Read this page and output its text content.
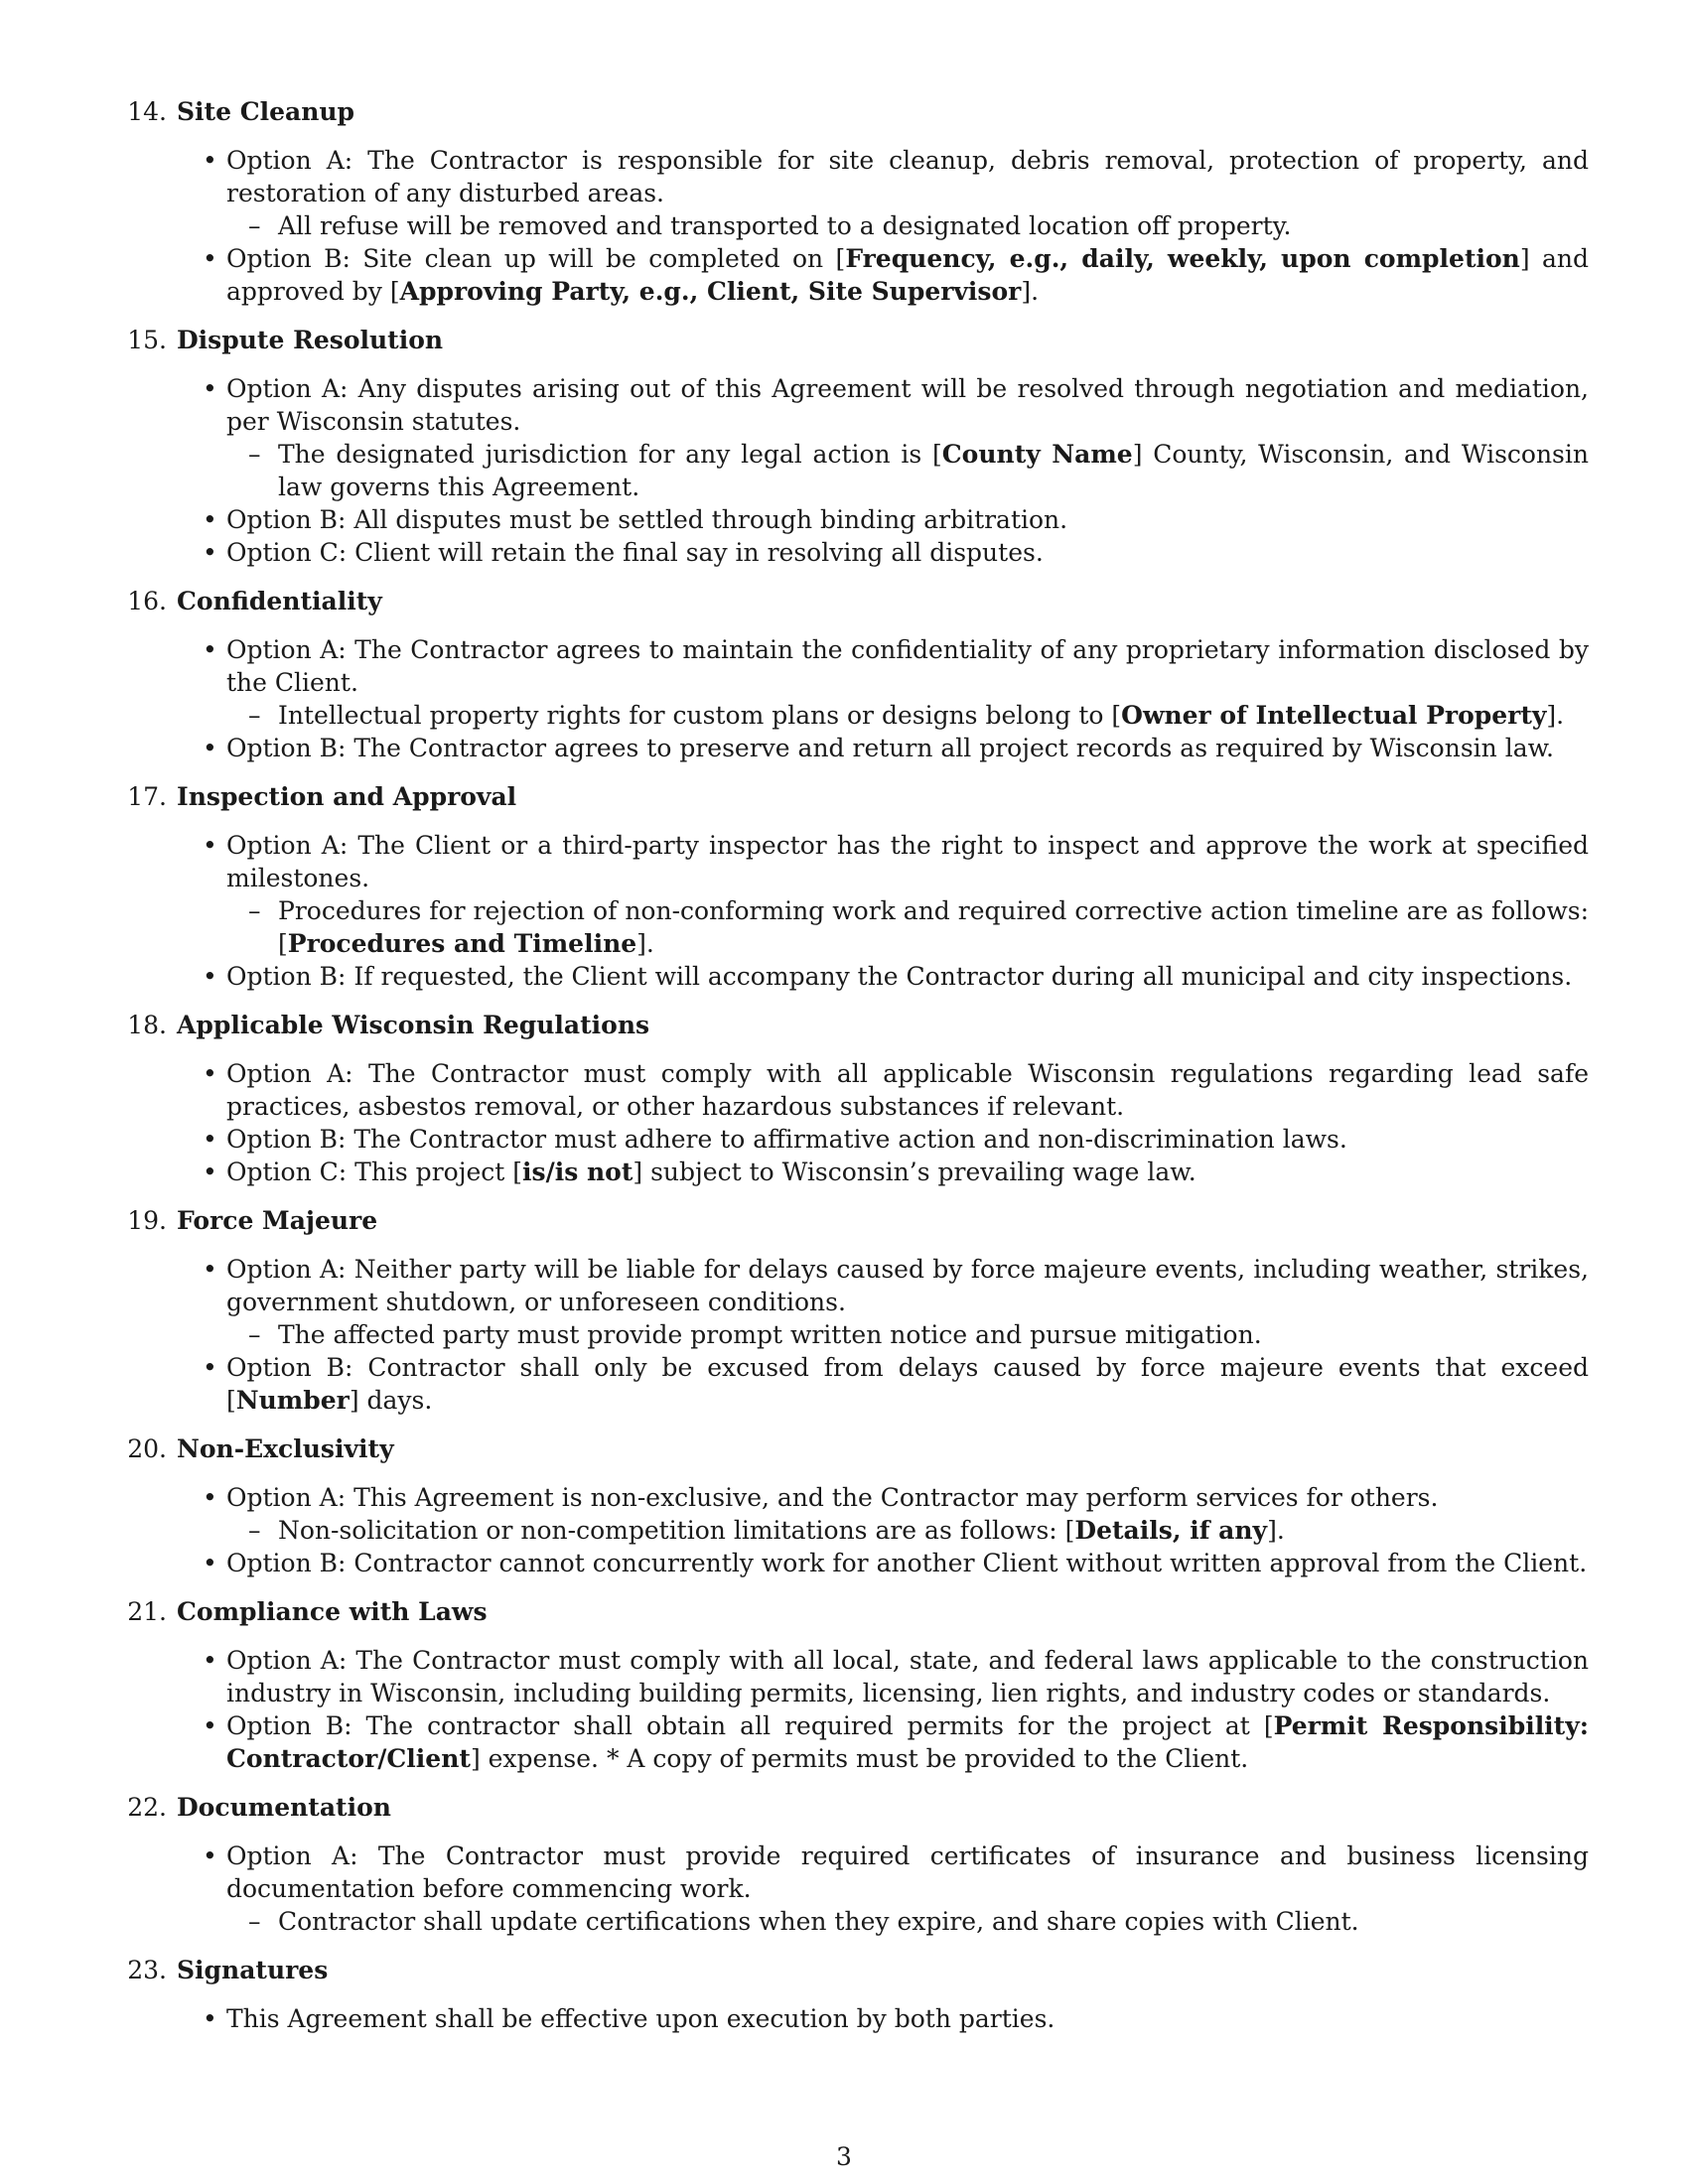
14. Site Cleanup
• Option A: The Contractor is responsible for site cleanup, debris removal, protection of property, and restoration of any disturbed areas.
– All refuse will be removed and transported to a designated location off property.
• Option B: Site clean up will be completed on [Frequency, e.g., daily, weekly, upon completion] and approved by [Approving Party, e.g., Client, Site Supervisor].
15. Dispute Resolution
• Option A: Any disputes arising out of this Agreement will be resolved through negotiation and mediation, per Wisconsin statutes.
– The designated jurisdiction for any legal action is [County Name] County, Wisconsin, and Wisconsin law governs this Agreement.
• Option B: All disputes must be settled through binding arbitration.
• Option C: Client will retain the final say in resolving all disputes.
16. Confidentiality
• Option A: The Contractor agrees to maintain the confidentiality of any proprietary information disclosed by the Client.
– Intellectual property rights for custom plans or designs belong to [Owner of Intellectual Property].
• Option B: The Contractor agrees to preserve and return all project records as required by Wisconsin law.
17. Inspection and Approval
• Option A: The Client or a third-party inspector has the right to inspect and approve the work at specified milestones.
– Procedures for rejection of non-conforming work and required corrective action timeline are as follows: [Procedures and Timeline].
• Option B: If requested, the Client will accompany the Contractor during all municipal and city inspections.
18. Applicable Wisconsin Regulations
• Option A: The Contractor must comply with all applicable Wisconsin regulations regarding lead safe practices, asbestos removal, or other hazardous substances if relevant.
• Option B: The Contractor must adhere to affirmative action and non-discrimination laws.
• Option C: This project [is/is not] subject to Wisconsin’s prevailing wage law.
19. Force Majeure
• Option A: Neither party will be liable for delays caused by force majeure events, including weather, strikes, government shutdown, or unforeseen conditions.
– The affected party must provide prompt written notice and pursue mitigation.
• Option B: Contractor shall only be excused from delays caused by force majeure events that exceed [Number] days.
20. Non-Exclusivity
• Option A: This Agreement is non-exclusive, and the Contractor may perform services for others.
– Non-solicitation or non-competition limitations are as follows: [Details, if any].
• Option B: Contractor cannot concurrently work for another Client without written approval from the Client.
21. Compliance with Laws
• Option A: The Contractor must comply with all local, state, and federal laws applicable to the construction industry in Wisconsin, including building permits, licensing, lien rights, and industry codes or standards.
• Option B: The contractor shall obtain all required permits for the project at [Permit Responsibility: Contractor/Client] expense. * A copy of permits must be provided to the Client.
22. Documentation
• Option A: The Contractor must provide required certificates of insurance and business licensing documentation before commencing work.
– Contractor shall update certifications when they expire, and share copies with Client.
23. Signatures
• This Agreement shall be effective upon execution by both parties.
3
